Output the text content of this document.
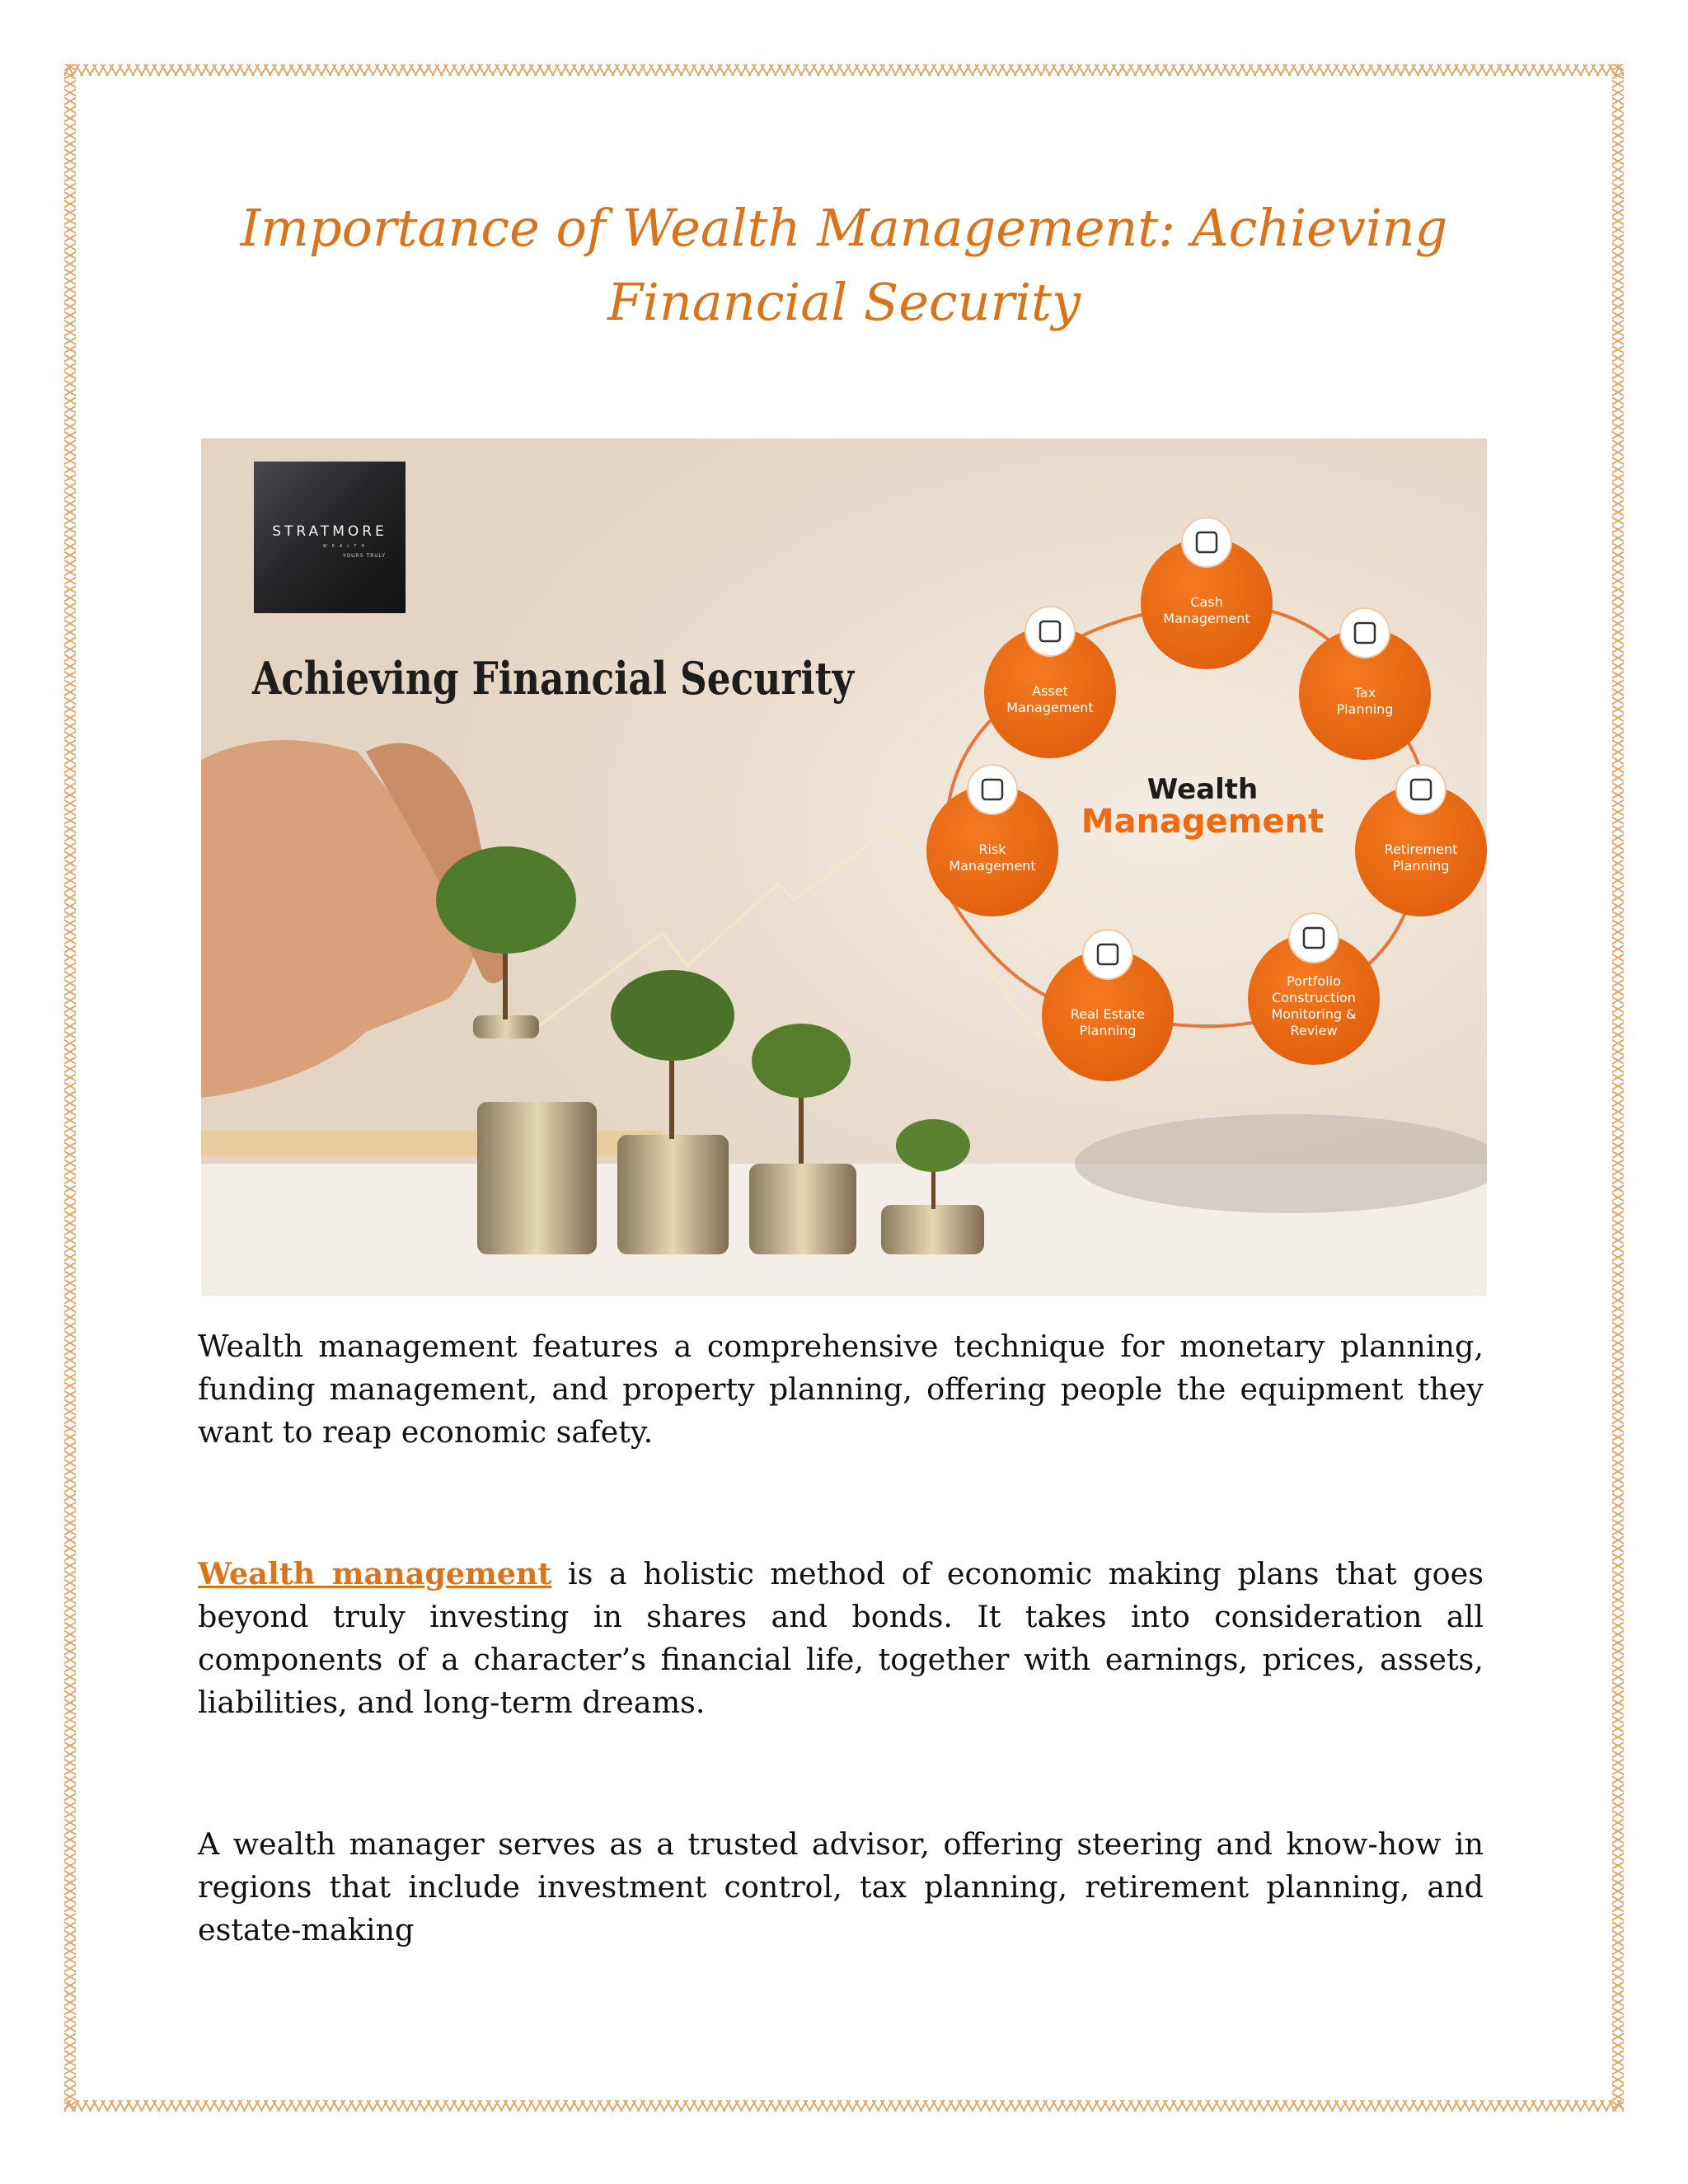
Importance of Wealth Management: Achieving Financial Security
STRATMORE
WEALTH
YOURS TRULY
Achieving Financial Security
Wealth
Management
Cash
Management
Tax
Planning
Retirement
Planning
Portfolio
Construction
Monitoring &
Review
Real Estate
Planning
Risk
Management
Asset
Management

Wealth management features a comprehensive technique for monetary planning, funding management, and property planning, offering people the equipment they want to reap economic safety.

Wealth management is a holistic method of economic making plans that goes beyond truly investing in shares and bonds. It takes into consideration all components of a character’s financial life, together with earnings, prices, assets, liabilities, and long-term dreams.

A wealth manager serves as a trusted advisor, offering steering and know-how in regions that include investment control, tax planning, retirement planning, and estate-making
